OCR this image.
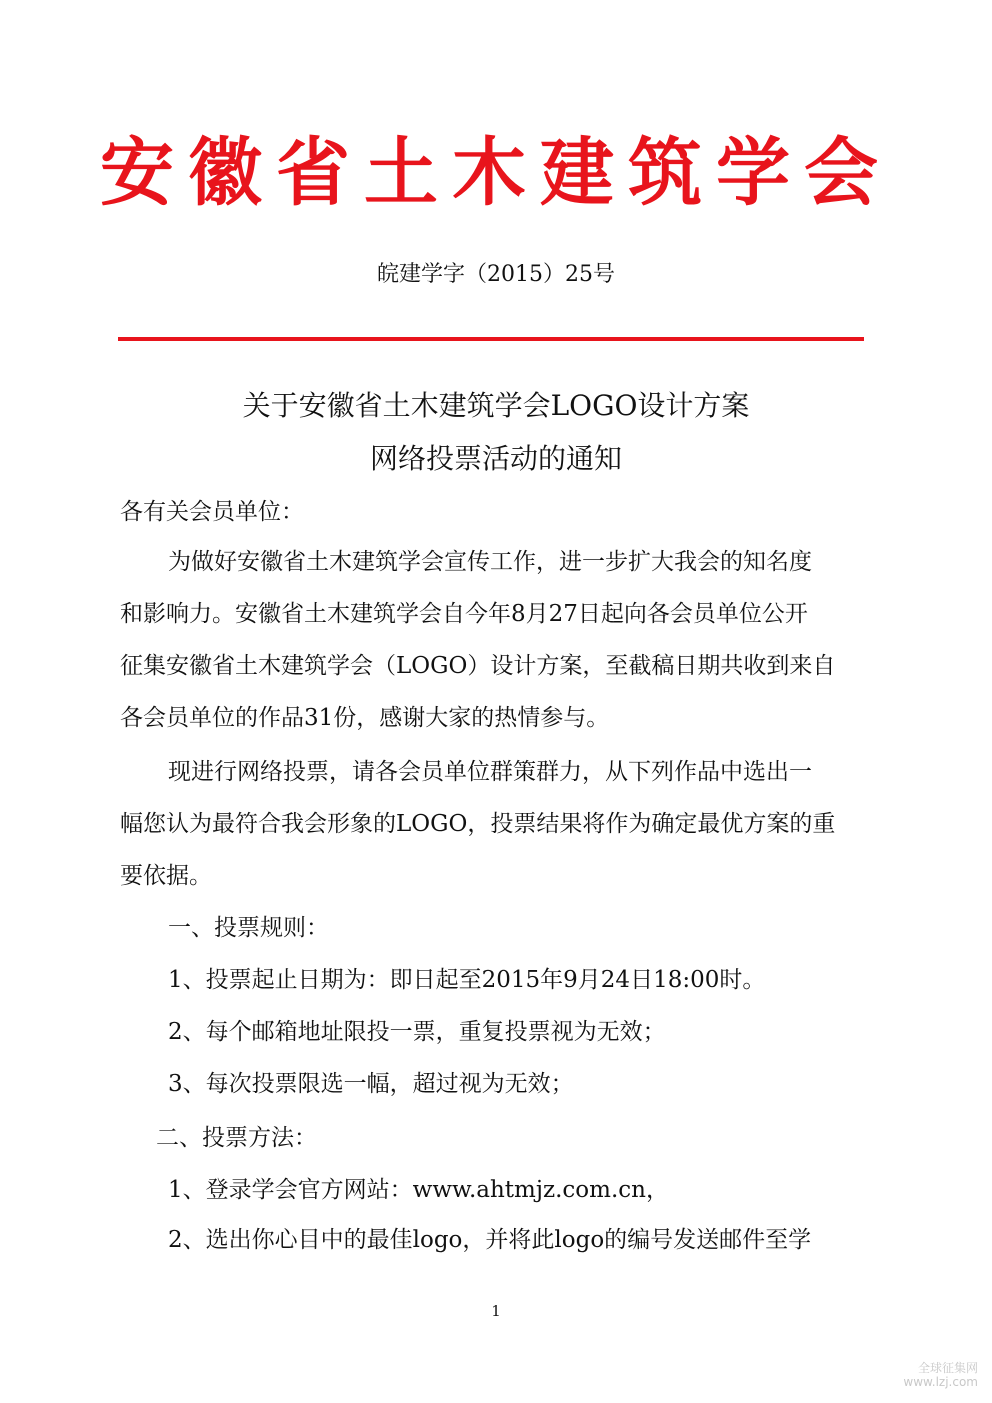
安徽省土木建筑学会
皖建学字（2015）25号
关于安徽省土木建筑学会LOGO设计方案
网络投票活动的通知
各有关会员单位：
为做好安徽省土木建筑学会宣传工作，进一步扩大我会的知名度
和影响力。安徽省土木建筑学会自今年8月27日起向各会员单位公开
征集安徽省土木建筑学会（LOGO）设计方案，至截稿日期共收到来自
各会员单位的作品31份，感谢大家的热情参与。
现进行网络投票，请各会员单位群策群力，从下列作品中选出一
幅您认为最符合我会形象的LOGO，投票结果将作为确定最优方案的重
要依据。
一、投票规则：
1、投票起止日期为：即日起至2015年9月24日18:00时。
2、每个邮箱地址限投一票，重复投票视为无效；
3、每次投票限选一幅，超过视为无效；
二、投票方法：
1、登录学会官方网站：www.ahtmjz.com.cn，
2、选出你心目中的最佳logo，并将此logo的编号发送邮件至学
1
全球征集网
www.lzj.com
